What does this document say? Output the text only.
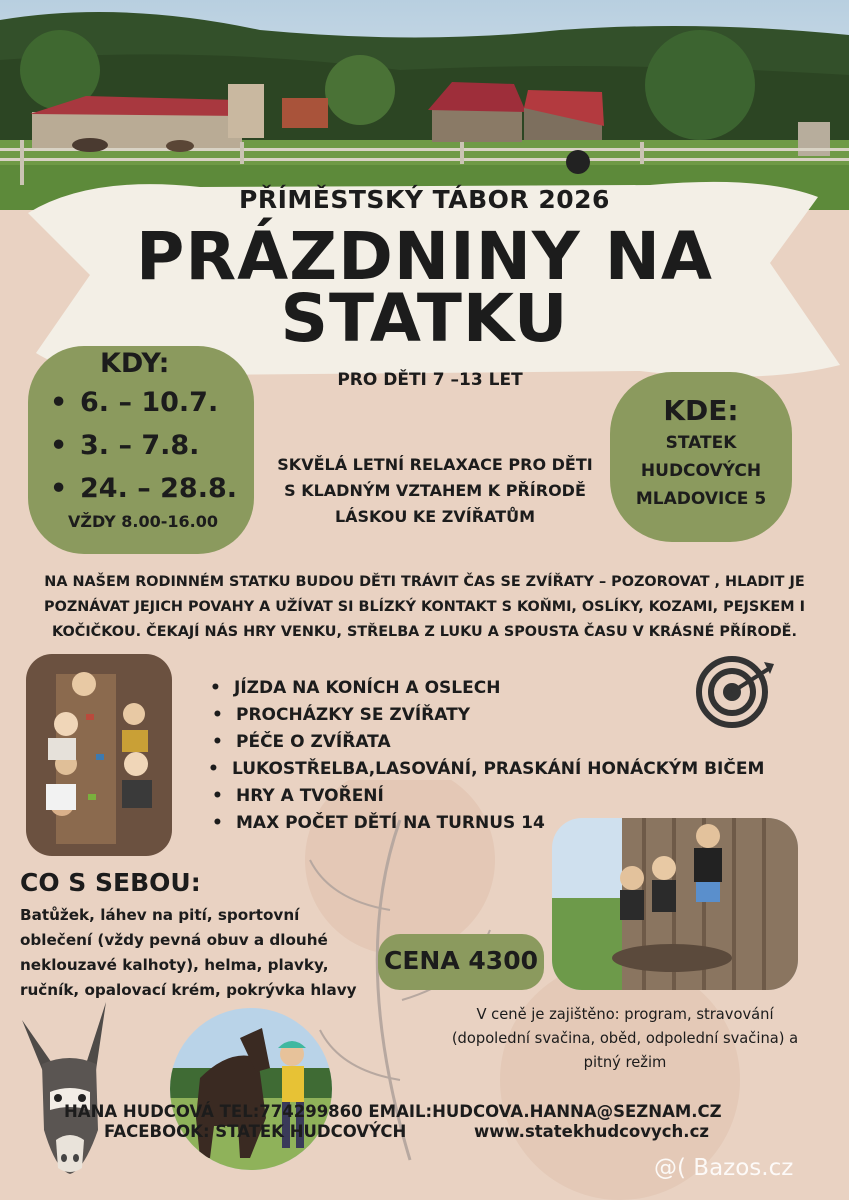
PŘÍMĚSTSKÝ TÁBOR 2026
PRÁZDNINY NA
STATKU
PRO DĚTI 7 –13 LET
KDY:
• 6. – 10.7.
• 3. – 7.8.
• 24. – 28.8.
VŽDY 8.00-16.00
KDE:
STATEK
HUDCOVÝCH
MLADOVICE 5
SKVĚLÁ LETNÍ RELAXACE PRO DĚTI
S KLADNÝM VZTAHEM K PŘÍRODĚ
LÁSKOU KE ZVÍŘATŮM
NA NAŠEM RODINNÉM STATKU BUDOU DĚTI TRÁVIT ČAS SE ZVÍŘATY – POZOROVAT , HLADIT JE
POZNÁVAT JEJICH POVAHY A UŽÍVAT SI BLÍZKÝ KONTAKT S KOŇMI, OSLÍKY, KOZAMI, PEJSKEM I
KOČIČKOU. ČEKAJÍ NÁS HRY VENKU, STŘELBA Z LUKU A SPOUSTA ČASU V KRÁSNÉ PŘÍRODĚ.
• JÍZDA NA KONÍCH A OSLECH
• PROCHÁZKY SE ZVÍŘATY
• PÉČE O ZVÍŘATA
• LUKOSTŘELBA,LASOVÁNÍ, PRASKÁNÍ HONÁCKÝM BIČEM
• HRY A TVOŘENÍ
• MAX POČET DĚTÍ NA TURNUS 14
CO S SEBOU:
Batůžek, láhev na pití, sportovní
oblečení (vždy pevná obuv a dlouhé
neklouzavé kalhoty), helma, plavky,
ručník, opalovací krém, pokrývka hlavy
CENA 4300
V ceně je zajištěno: program, stravování
(dopolední svačina, oběd, odpolední svačina) a
pitný režim
HANA HUDCOVÁ TEL:774299860 EMAIL:HUDCOVA.HANNA@SEZNAM.CZ
FACEBOOK: STATEK HUDCOVÝCH	www.statekhudcovych.cz
@( Bazos.cz
